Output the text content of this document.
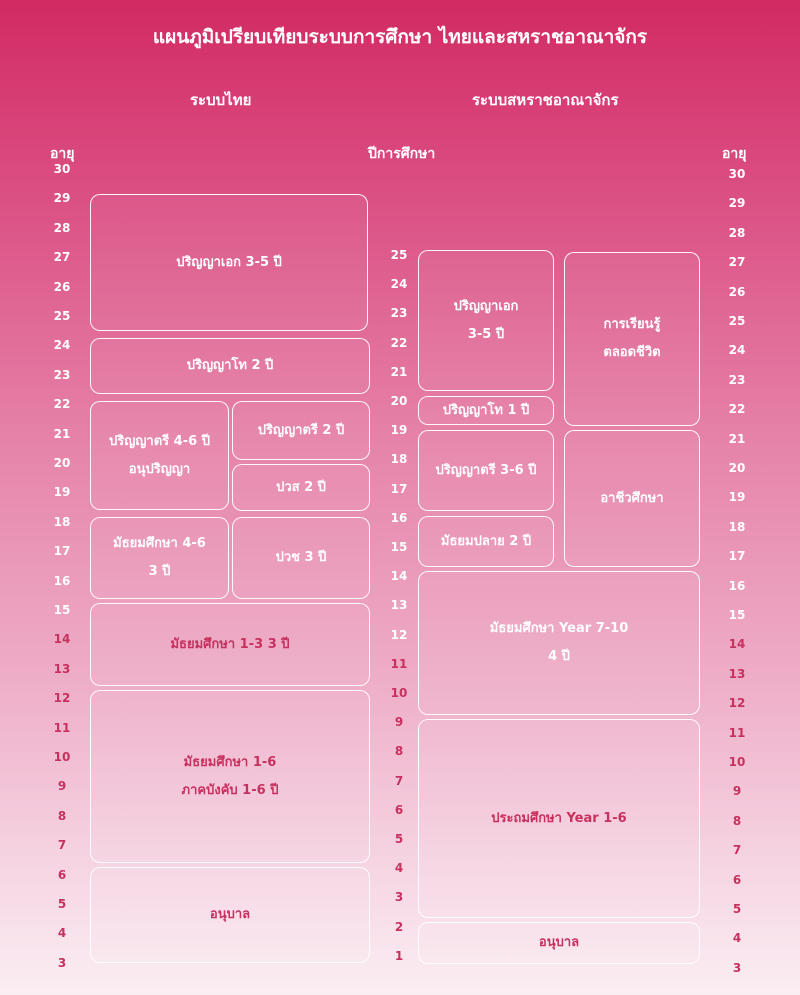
แผนภูมิเปรียบเทียบระบบการศึกษา ไทยและสหราชอาณาจักร
ระบบไทย	ระบบสหราชอาณาจักร
ปีการศึกษา
อายุ	อายุ
30
29
28
27
26
25
24
23
22
21
20
19
18
17
16
15
14
13
12
11
10
9
8
7
6
5
4
3
25
24
23
22
21
20
19
18
17
16
15
14
13
12
11
10
9
8
7
6
5
4
3
2
1
30
29
28
27
26
25
24
23
22
21
20
19
18
17
16
15
14
13
12
11
10
9
8
7
6
5
4
3
ปริญญาเอก 3-5 ปี
ปริญญาโท 2 ปี
ปริญญาตรี 4-6 ปี
อนุปริญญา
ปริญญาตรี 2 ปี
ปวส 2 ปี
มัธยมศึกษา 4-6
3 ปี
ปวช 3 ปี
มัธยมศึกษา 1-3 3 ปี
มัธยมศึกษา 1-6
ภาคบังคับ 1-6 ปี
อนุบาล
ปริญญาเอก
3-5 ปี
การเรียนรู้
ตลอดชีวิต
ปริญญาโท 1 ปี
ปริญญาตรี 3-6 ปี
อาชีวศึกษา
มัธยมปลาย 2 ปี
มัธยมศึกษา Year 7-10
4 ปี
ประถมศึกษา Year 1-6
อนุบาล
